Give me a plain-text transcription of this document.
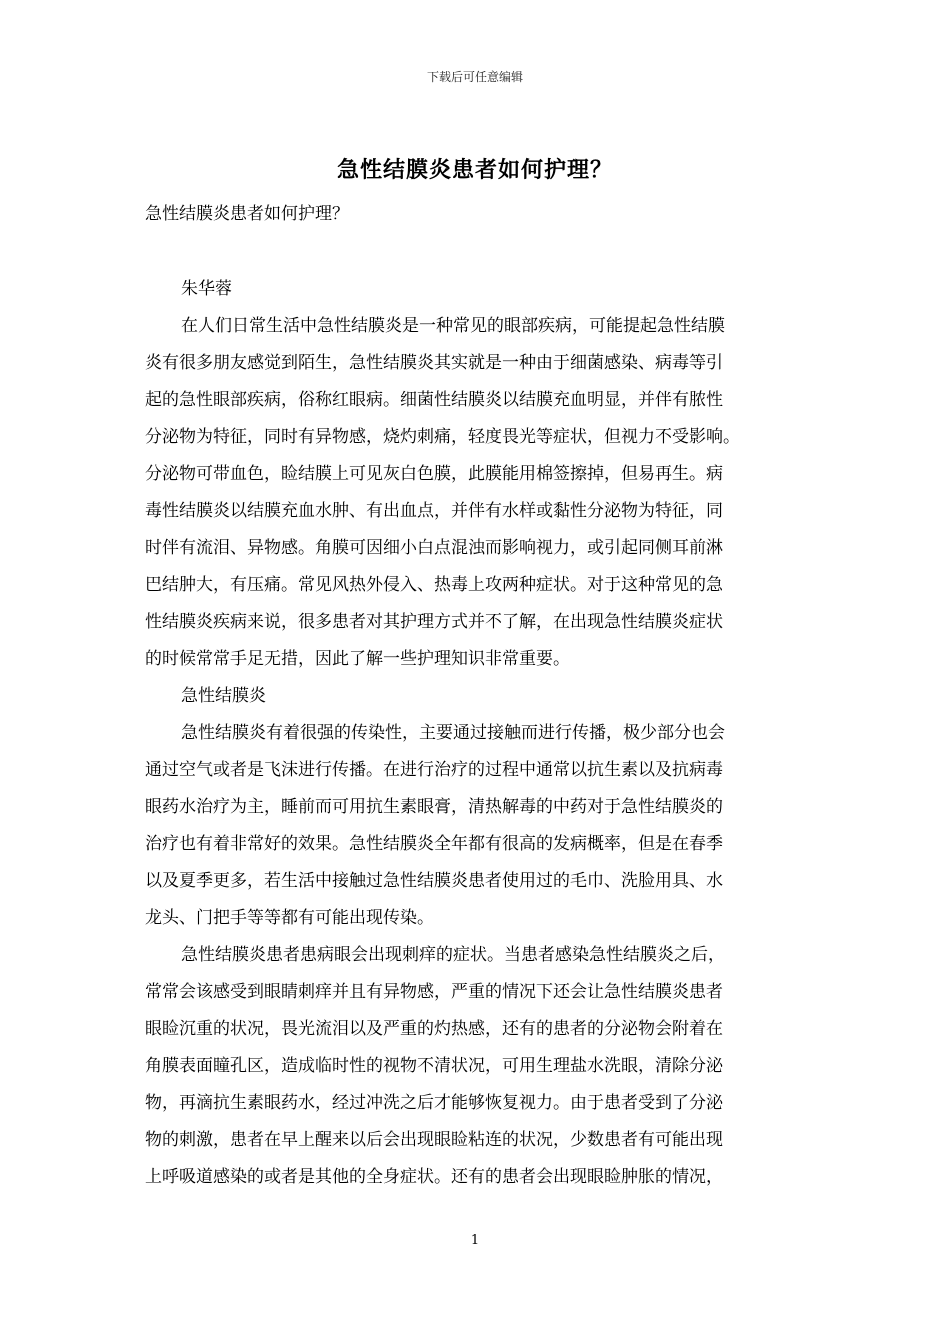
下载后可任意编辑
急性结膜炎患者如何护理？
急性结膜炎患者如何护理？
朱华蓉
在人们日常生活中急性结膜炎是一种常见的眼部疾病，可能提起急性结膜
炎有很多朋友感觉到陌生，急性结膜炎其实就是一种由于细菌感染、病毒等引
起的急性眼部疾病，俗称红眼病。细菌性结膜炎以结膜充血明显，并伴有脓性
分泌物为特征，同时有异物感，烧灼刺痛，轻度畏光等症状，但视力不受影响。
分泌物可带血色，睑结膜上可见灰白色膜，此膜能用棉签擦掉，但易再生。病
毒性结膜炎以结膜充血水肿、有出血点，并伴有水样或黏性分泌物为特征，同
时伴有流泪、异物感。角膜可因细小白点混浊而影响视力，或引起同侧耳前淋
巴结肿大，有压痛。常见风热外侵入、热毒上攻两种症状。对于这种常见的急
性结膜炎疾病来说，很多患者对其护理方式并不了解，在出现急性结膜炎症状
的时候常常手足无措，因此了解一些护理知识非常重要。
急性结膜炎
急性结膜炎有着很强的传染性，主要通过接触而进行传播，极少部分也会
通过空气或者是飞沫进行传播。在进行治疗的过程中通常以抗生素以及抗病毒
眼药水治疗为主，睡前而可用抗生素眼膏，清热解毒的中药对于急性结膜炎的
治疗也有着非常好的效果。急性结膜炎全年都有很高的发病概率，但是在春季
以及夏季更多，若生活中接触过急性结膜炎患者使用过的毛巾、洗脸用具、水
龙头、门把手等等都有可能出现传染。
急性结膜炎患者患病眼会出现刺痒的症状。当患者感染急性结膜炎之后，
常常会该感受到眼睛刺痒并且有异物感，严重的情况下还会让急性结膜炎患者
眼睑沉重的状况，畏光流泪以及严重的灼热感，还有的患者的分泌物会附着在
角膜表面瞳孔区，造成临时性的视物不清状况，可用生理盐水洗眼，清除分泌
物，再滴抗生素眼药水，经过冲洗之后才能够恢复视力。由于患者受到了分泌
物的刺激，患者在早上醒来以后会出现眼睑粘连的状况，少数患者有可能出现
上呼吸道感染的或者是其他的全身症状。还有的患者会出现眼睑肿胀的情况，
1
